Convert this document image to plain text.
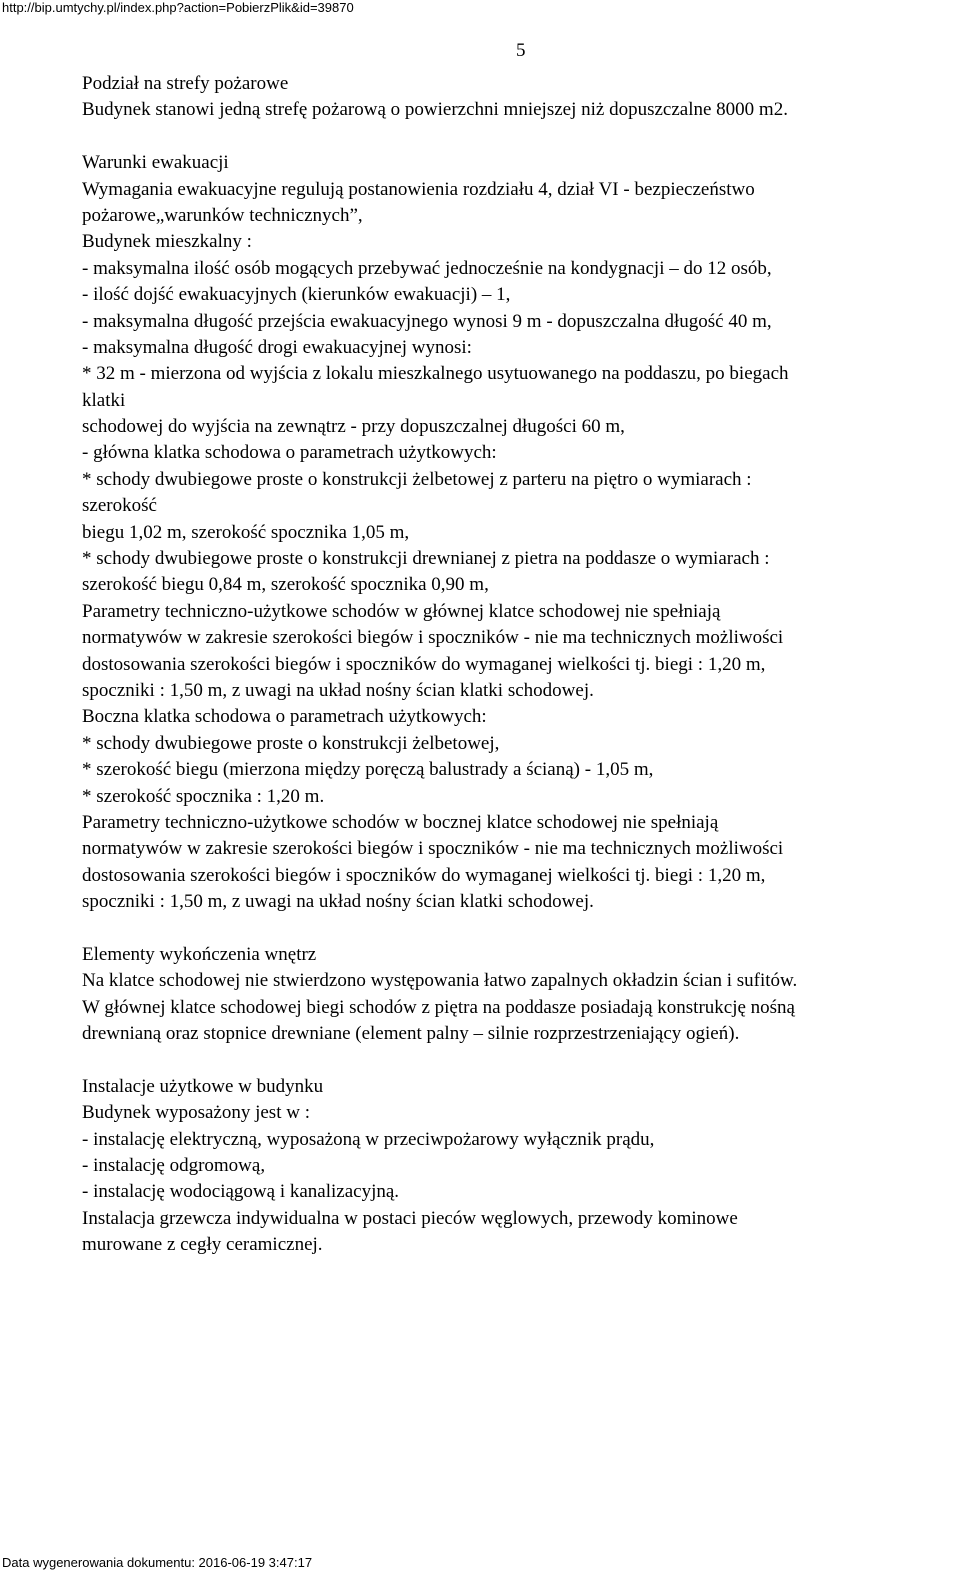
http://bip.umtychy.pl/index.php?action=PobierzPlik&id=39870
5
Podział na strefy pożarowe
Budynek stanowi jedną strefę pożarową o powierzchni mniejszej niż dopuszczalne 8000 m2.
Warunki ewakuacji
Wymagania ewakuacyjne regulują postanowienia rozdziału 4, dział VI - bezpieczeństwo
pożarowe„warunków technicznych”,
Budynek mieszkalny :
- maksymalna ilość osób mogących przebywać jednocześnie na kondygnacji – do 12 osób,
- ilość dojść ewakuacyjnych (kierunków ewakuacji) – 1,
- maksymalna długość przejścia ewakuacyjnego wynosi 9 m - dopuszczalna długość 40 m,
- maksymalna długość drogi ewakuacyjnej wynosi:
* 32 m - mierzona od wyjścia z lokalu mieszkalnego usytuowanego na poddaszu, po biegach
klatki
schodowej do wyjścia na zewnątrz - przy dopuszczalnej długości 60 m,
- główna klatka schodowa o parametrach użytkowych:
* schody dwubiegowe proste o konstrukcji żelbetowej z parteru na piętro o wymiarach :
szerokość
biegu 1,02 m, szerokość spocznika 1,05 m,
* schody dwubiegowe proste o konstrukcji drewnianej z pietra na poddasze o wymiarach :
szerokość biegu 0,84 m, szerokość spocznika 0,90 m,
Parametry techniczno-użytkowe schodów w głównej klatce schodowej nie spełniają
normatywów w zakresie szerokości biegów i spoczników - nie ma technicznych możliwości
dostosowania szerokości biegów i spoczników do wymaganej wielkości tj. biegi : 1,20 m,
spoczniki : 1,50 m, z uwagi na układ nośny ścian klatki schodowej.
Boczna klatka schodowa o parametrach użytkowych:
* schody dwubiegowe proste o konstrukcji żelbetowej,
* szerokość biegu (mierzona między poręczą balustrady a ścianą) - 1,05 m,
* szerokość spocznika : 1,20 m.
Parametry techniczno-użytkowe schodów w bocznej klatce schodowej nie spełniają
normatywów w zakresie szerokości biegów i spoczników - nie ma technicznych możliwości
dostosowania szerokości biegów i spoczników do wymaganej wielkości tj. biegi : 1,20 m,
spoczniki : 1,50 m, z uwagi na układ nośny ścian klatki schodowej.
Elementy wykończenia wnętrz
Na klatce schodowej nie stwierdzono występowania łatwo zapalnych okładzin ścian i sufitów.
W głównej klatce schodowej biegi schodów z piętra na poddasze posiadają konstrukcję nośną
drewnianą oraz stopnice drewniane (element palny – silnie rozprzestrzeniający ogień).
Instalacje użytkowe w budynku
Budynek wyposażony jest w :
- instalację elektryczną, wyposażoną w przeciwpożarowy wyłącznik prądu,
- instalację odgromową,
- instalację wodociągową i kanalizacyjną.
Instalacja grzewcza indywidualna w postaci pieców węglowych, przewody kominowe
murowane z cegły ceramicznej.
Data wygenerowania dokumentu: 2016-06-19 3:47:17
